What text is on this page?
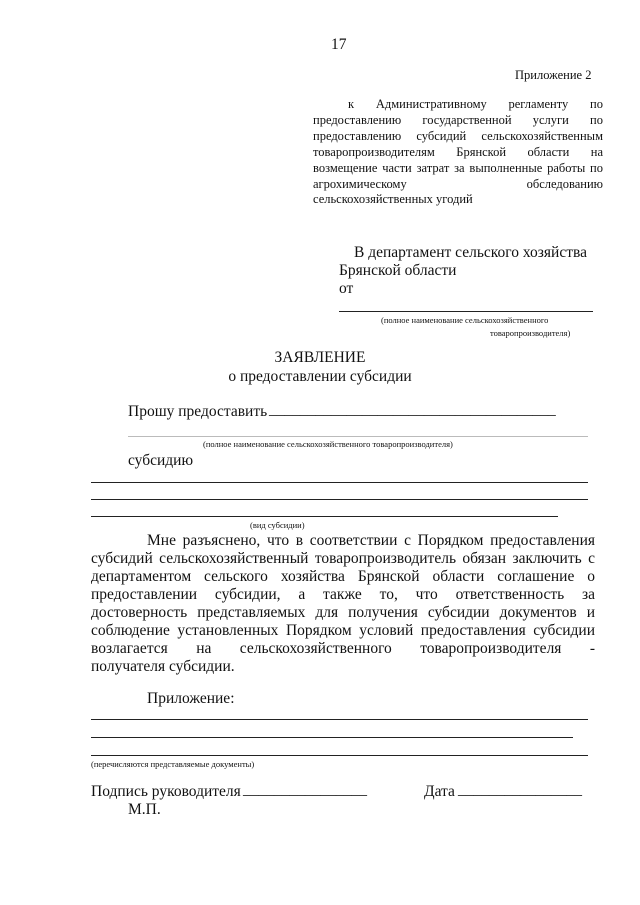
17
Приложение 2
к Административному регламенту по
предоставлению государственной услуги по
предоставлению субсидий сельскохозяйственным
товаропроизводителям Брянской области на
возмещение части затрат за выполненные работы по
агрохимическому обследованию
сельскохозяйственных угодий
В департамент сельского хозяйства
Брянской области
от
(полное наименование сельскохозяйственного
товаропроизводителя)
ЗАЯВЛЕНИЕ
о предоставлении субсидии
Прошу предоставить _____________________________________
(полное наименование сельскохозяйственного товаропроизводителя)
субсидию
(вид субсидии)
Мне разъяснено, что в соответствии с Порядком предоставления
субсидий сельскохозяйственный товаропроизводитель обязан заключить с
департаментом сельского хозяйства Брянской области соглашение о
предоставлении субсидии, а также то, что ответственность за
достоверность представляемых для получения субсидии документов и
соблюдение установленных Порядком условий предоставления субсидии
возлагается на сельскохозяйственного товаропроизводителя -
получателя субсидии.
Приложение:
(перечисляются представляемые документы)
Подпись руководителя ________________	Дата ________________
М.П.
